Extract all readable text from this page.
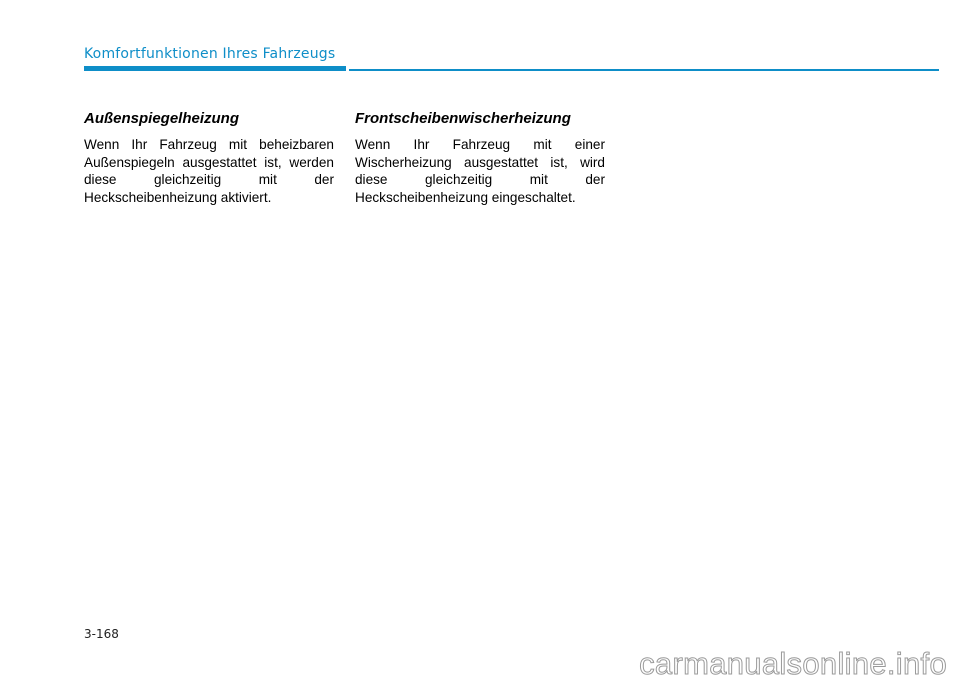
Komfortfunktionen Ihres Fahrzeugs
Außenspiegelheizung

Wenn Ihr Fahrzeug mit beheizbaren Außenspiegeln ausgestattet ist, werden diese gleichzeitig mit der Heckscheibenheizung aktiviert.

Frontscheibenwischerheizung

Wenn Ihr Fahrzeug mit einer Wischerheizung ausgestattet ist, wird diese gleichzeitig mit der Heckscheibenheizung eingeschaltet.

3-168
carmanualsonline.info
